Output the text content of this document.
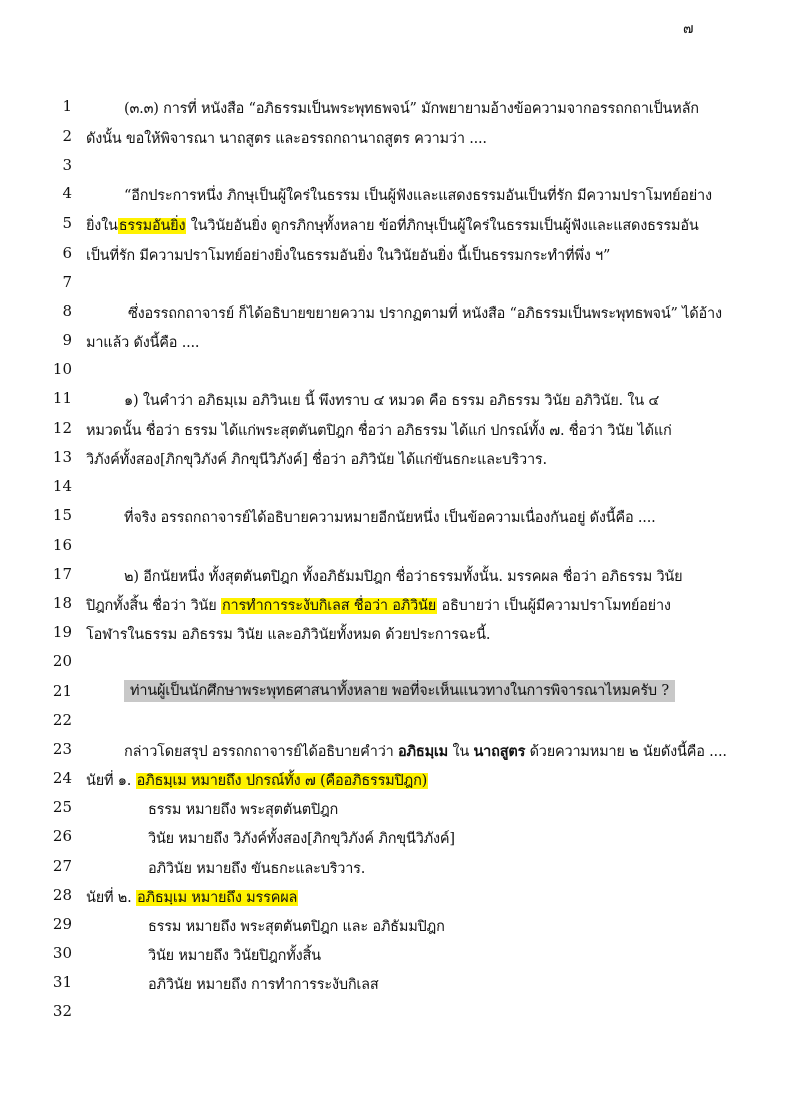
๗
1
2
3
4
5
6
7
8
9
10
11
12
13
14
15
16
17
18
19
20
21
22
23
24
25
26
27
28
29
30
31
32
(๓.๓) การที่ หนังสือ “อภิธรรมเป็นพระพุทธพจน์” มักพยายามอ้างข้อความจากอรรถกถาเป็นหลัก
ดังนั้น ขอให้พิจารณา นาถสูตร และอรรถกถานาถสูตร ความว่า ....
“อีกประการหนึ่ง ภิกษุเป็นผู้ใคร่ในธรรม เป็นผู้ฟังและแสดงธรรมอันเป็นที่รัก มีความปราโมทย์อย่าง
ยิ่งในธรรมอันยิ่ง ในวินัยอันยิ่ง ดูกรภิกษุทั้งหลาย ข้อที่ภิกษุเป็นผู้ใคร่ในธรรมเป็นผู้ฟังและแสดงธรรมอัน
เป็นที่รัก มีความปราโมทย์อย่างยิ่งในธรรมอันยิ่ง ในวินัยอันยิ่ง นี้เป็นธรรมกระทำที่พึ่ง ฯ”
ซึ่งอรรถกถาจารย์ ก็ได้อธิบายขยายความ ปรากฏตามที่ หนังสือ “อภิธรรมเป็นพระพุทธพจน์” ได้อ้าง
มาแล้ว ดังนี้คือ ....
๑) ในคำว่า อภิธมฺเม อภิวินเย นี้ พึงทราบ ๔ หมวด คือ ธรรม อภิธรรม วินัย อภิวินัย. ใน ๔
หมวดนั้น ชื่อว่า ธรรม ได้แก่พระสุตตันตปิฎก ชื่อว่า อภิธรรม ได้แก่ ปกรณ์ทั้ง ๗. ชื่อว่า วินัย ได้แก่
วิภังค์ทั้งสอง[ภิกขุวิภังค์ ภิกขุนีวิภังค์] ชื่อว่า อภิวินัย ได้แก่ขันธกะและบริวาร.
ที่จริง อรรถกถาจารย์ได้อธิบายความหมายอีกนัยหนึ่ง เป็นข้อความเนื่องกันอยู่ ดังนี้คือ ....
๒) อีกนัยหนึ่ง ทั้งสุตตันตปิฎก ทั้งอภิธัมมปิฎก ชื่อว่าธรรมทั้งนั้น. มรรคผล ชื่อว่า อภิธรรม วินัย
ปิฎกทั้งสิ้น ชื่อว่า วินัย การทำการระงับกิเลส ชื่อว่า อภิวินัย อธิบายว่า เป็นผู้มีความปราโมทย์อย่าง
โอฬารในธรรม อภิธรรม วินัย และอภิวินัยทั้งหมด ด้วยประการฉะนี้.
ท่านผู้เป็นนักศึกษาพระพุทธศาสนาทั้งหลาย พอที่จะเห็นแนวทางในการพิจารณาไหมครับ ?
กล่าวโดยสรุป อรรถกถาจารย์ได้อธิบายคำว่า อภิธมฺเม ใน นาถสูตร ด้วยความหมาย ๒ นัยดังนี้คือ ....
นัยที่ ๑. อภิธมฺเม หมายถึง ปกรณ์ทั้ง ๗ (คืออภิธรรมปิฎก)
ธรรม หมายถึง พระสุตตันตปิฎก
วินัย หมายถึง วิภังค์ทั้งสอง[ภิกขุวิภังค์ ภิกขุนีวิภังค์]
อภิวินัย หมายถึง ขันธกะและบริวาร.
นัยที่ ๒. อภิธมฺเม หมายถึง มรรคผล
ธรรม หมายถึง พระสุตตันตปิฎก และ อภิธัมมปิฎก
วินัย หมายถึง วินัยปิฎกทั้งสิ้น
อภิวินัย หมายถึง การทำการระงับกิเลส
